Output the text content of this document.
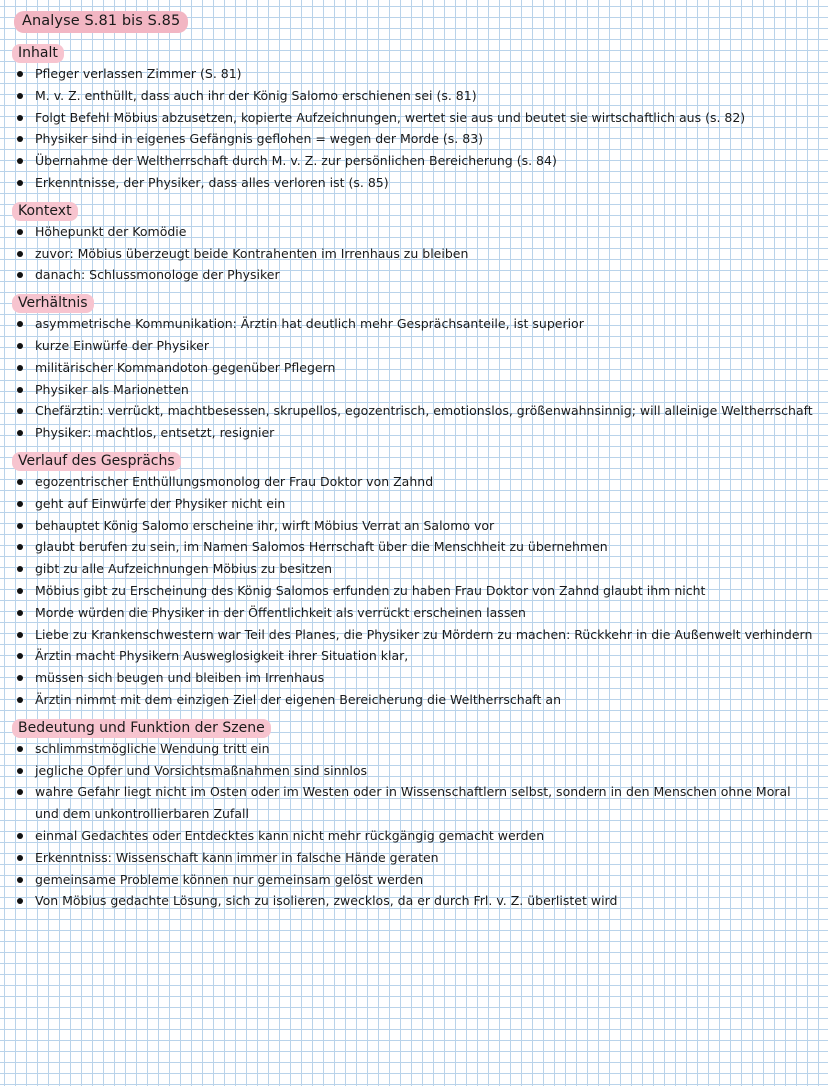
Analyse S.81 bis S.85
Inhalt
Pfleger verlassen Zimmer (S. 81)
M. v. Z. enthüllt, dass auch ihr der König Salomo erschienen sei (s. 81)
Folgt Befehl Möbius abzusetzen, kopierte Aufzeichnungen, wertet sie aus und beutet sie wirtschaftlich aus (s. 82)
Physiker sind in eigenes Gefängnis geflohen = wegen der Morde (s. 83)
Übernahme der Weltherrschaft durch M. v. Z. zur persönlichen Bereicherung (s. 84)
Erkenntnisse, der Physiker, dass alles verloren ist (s. 85)
Kontext
Höhepunkt der Komödie
zuvor: Möbius überzeugt beide Kontrahenten im Irrenhaus zu bleiben
danach: Schlussmonologe der Physiker
Verhältnis
asymmetrische Kommunikation: Ärztin hat deutlich mehr Gesprächsanteile, ist superior
kurze Einwürfe der Physiker
militärischer Kommandoton gegenüber Pflegern
Physiker als Marionetten
Chefärztin: verrückt, machtbesessen, skrupellos, egozentrisch, emotionslos, größenwahnsinnig; will alleinige Weltherrschaft
Physiker: machtlos, entsetzt, resignier
Verlauf des Gesprächs
egozentrischer Enthüllungsmonolog der Frau Doktor von Zahnd
geht auf Einwürfe der Physiker nicht ein
behauptet König Salomo erscheine ihr, wirft Möbius Verrat an Salomo vor
glaubt berufen zu sein, im Namen Salomos Herrschaft über die Menschheit zu übernehmen
gibt zu alle Aufzeichnungen Möbius zu besitzen
Möbius gibt zu Erscheinung des König Salomos erfunden zu haben Frau Doktor von Zahnd glaubt ihm nicht
Morde würden die Physiker in der Öffentlichkeit als verrückt erscheinen lassen
Liebe zu Krankenschwestern war Teil des Planes, die Physiker zu Mördern zu machen: Rückkehr in die Außenwelt verhindern
Ärztin macht Physikern Ausweglosigkeit ihrer Situation klar,
müssen sich beugen und bleiben im Irrenhaus
Ärztin nimmt mit dem einzigen Ziel der eigenen Bereicherung die Weltherrschaft an
Bedeutung und Funktion der Szene
schlimmstmögliche Wendung tritt ein
jegliche Opfer und Vorsichtsmaßnahmen sind sinnlos
wahre Gefahr liegt nicht im Osten oder im Westen oder in Wissenschaftlern selbst, sondern in den Menschen ohne Moral und dem unkontrollierbaren Zufall
einmal Gedachtes oder Entdecktes kann nicht mehr rückgängig gemacht werden
Erkenntniss: Wissenschaft kann immer in falsche Hände geraten
gemeinsame Probleme können nur gemeinsam gelöst werden
Von Möbius gedachte Lösung, sich zu isolieren, zwecklos, da er durch Frl. v. Z. überlistet wird
